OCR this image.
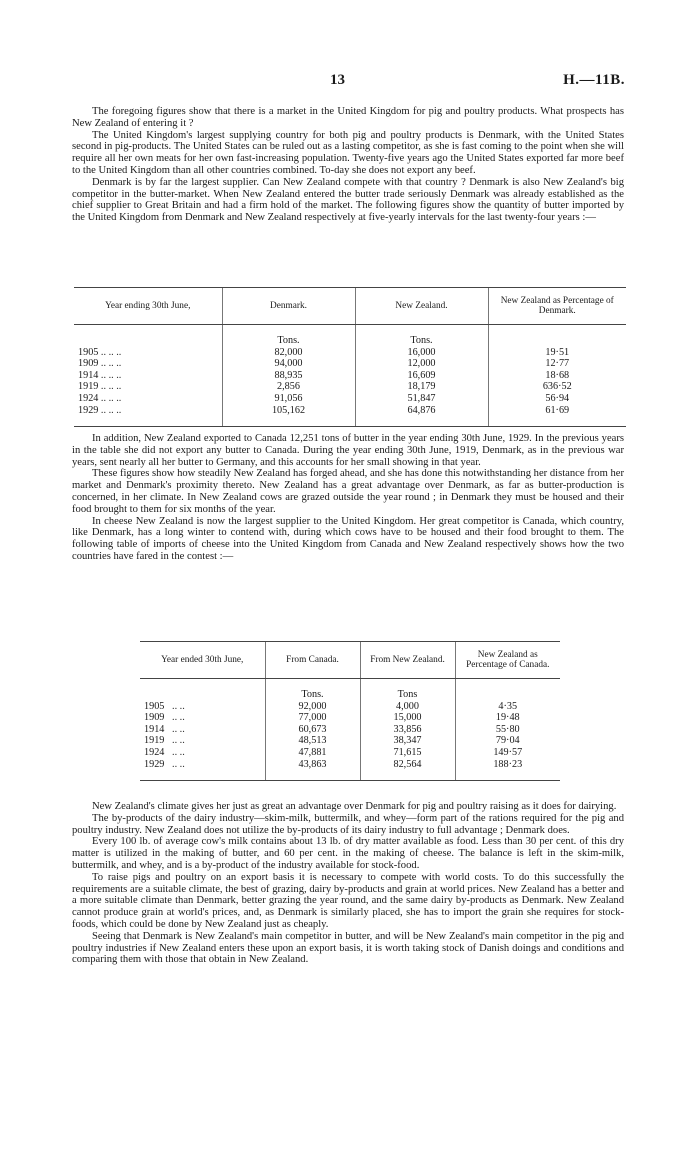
13	H.—11B.

The foregoing figures show that there is a market in the United Kingdom for pig and poultry products. What prospects has New Zealand of entering it ?

The United Kingdom's largest supplying country for both pig and poultry products is Denmark, with the United States second in pig-products. The United States can be ruled out as a lasting competitor, as she is fast coming to the point when she will require all her own meats for her own fast-increasing population. Twenty-five years ago the United States exported far more beef to the United Kingdom than all other countries combined. To-day she does not export any beef.

Denmark is by far the largest supplier. Can New Zealand compete with that country ? Denmark is also New Zealand's big competitor in the butter-market. When New Zealand entered the butter trade seriously Denmark was already established as the chief supplier to Great Britain and had a firm hold of the market. The following figures show the quantity of butter imported by the United Kingdom from Denmark and New Zealand respectively at five-yearly intervals for the last twenty-four years :—

Year ending 30th June,	Denmark.	New Zealand.	New Zealand as Percentage of Denmark.
	Tons.	Tons.	
1905 .. .. ..	82,000	16,000	19·51
1909 .. .. ..	94,000	12,000	12·77
1914 .. .. ..	88,935	16,609	18·68
1919 .. .. ..	2,856	18,179	636·52
1924 .. .. ..	91,056	51,847	56·94
1929 .. .. ..	105,162	64,876	61·69

In addition, New Zealand exported to Canada 12,251 tons of butter in the year ending 30th June, 1929. In the previous years in the table she did not export any butter to Canada. During the year ending 30th June, 1919, Denmark, as in the previous war years, sent nearly all her butter to Germany, and this accounts for her small showing in that year.

These figures show how steadily New Zealand has forged ahead, and she has done this notwithstanding her distance from her market and Denmark's proximity thereto. New Zealand has a great advantage over Denmark, as far as butter-production is concerned, in her climate. In New Zealand cows are grazed outside the year round ; in Denmark they must be housed and their food brought to them for six months of the year.

In cheese New Zealand is now the largest supplier to the United Kingdom. Her great competitor is Canada, which country, like Denmark, has a long winter to contend with, during which cows have to be housed and their food brought to them. The following table of imports of cheese into the United Kingdom from Canada and New Zealand respectively shows how the two countries have fared in the contest :—

Year ended 30th June,	From Canada.	From New Zealand.	New Zealand as Percentage of Canada.
	Tons.	Tons	
1905 .. ..	92,000	4,000	4·35
1909 .. ..	77,000	15,000	19·48
1914 .. ..	60,673	33,856	55·80
1919 .. ..	48,513	38,347	79·04
1924 .. ..	47,881	71,615	149·57
1929 .. ..	43,863	82,564	188·23

New Zealand's climate gives her just as great an advantage over Denmark for pig and poultry raising as it does for dairying.

The by-products of the dairy industry—skim-milk, buttermilk, and whey—form part of the rations required for the pig and poultry industry. New Zealand does not utilize the by-products of its dairy industry to full advantage ; Denmark does.

Every 100 lb. of average cow's milk contains about 13 lb. of dry matter available as food. Less than 30 per cent. of this dry matter is utilized in the making of butter, and 60 per cent. in the making of cheese. The balance is left in the skim-milk, buttermilk, and whey, and is a by-product of the industry available for stock-food.

To raise pigs and poultry on an export basis it is necessary to compete with world costs. To do this successfully the requirements are a suitable climate, the best of grazing, dairy by-products and grain at world prices. New Zealand has a better and a more suitable climate than Denmark, better grazing the year round, and the same dairy by-products as Denmark. New Zealand cannot produce grain at world's prices, and, as Denmark is similarly placed, she has to import the grain she requires for stock-foods, which could be done by New Zealand just as cheaply.

Seeing that Denmark is New Zealand's main competitor in butter, and will be New Zealand's main competitor in the pig and poultry industries if New Zealand enters these upon an export basis, it is worth taking stock of Danish doings and conditions and comparing them with those that obtain in New Zealand.
